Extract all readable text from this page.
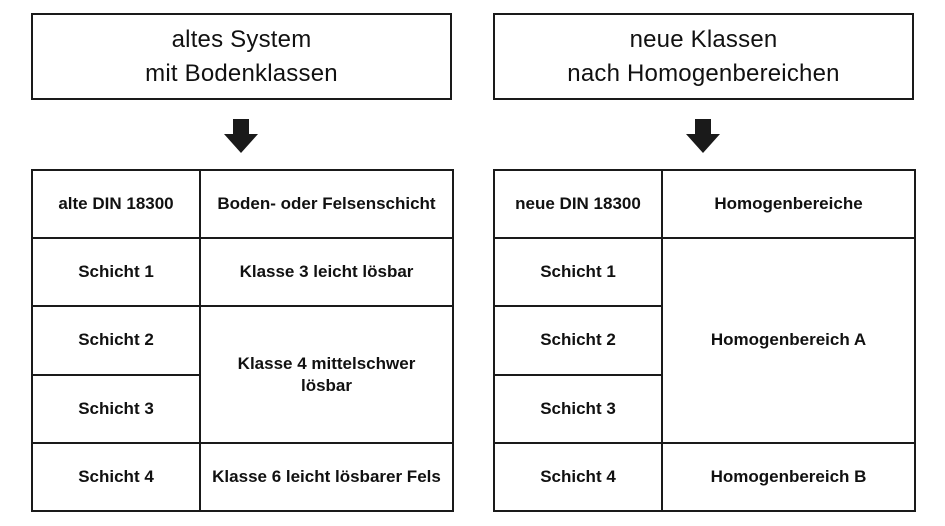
altes System
mit Bodenklassen
neue Klassen
nach Homogenbereichen
alte DIN 18300	Boden- oder Felsenschicht
Schicht 1	Klasse 3 leicht lösbar
Schicht 2	Klasse 4 mittelschwer lösbar
Schicht 3	
Schicht 4	Klasse 6 leicht lösbarer Fels
neue DIN 18300	Homogenbereiche
Schicht 1	Homogenbereich A
Schicht 2	
Schicht 3	
Schicht 4	Homogenbereich B
